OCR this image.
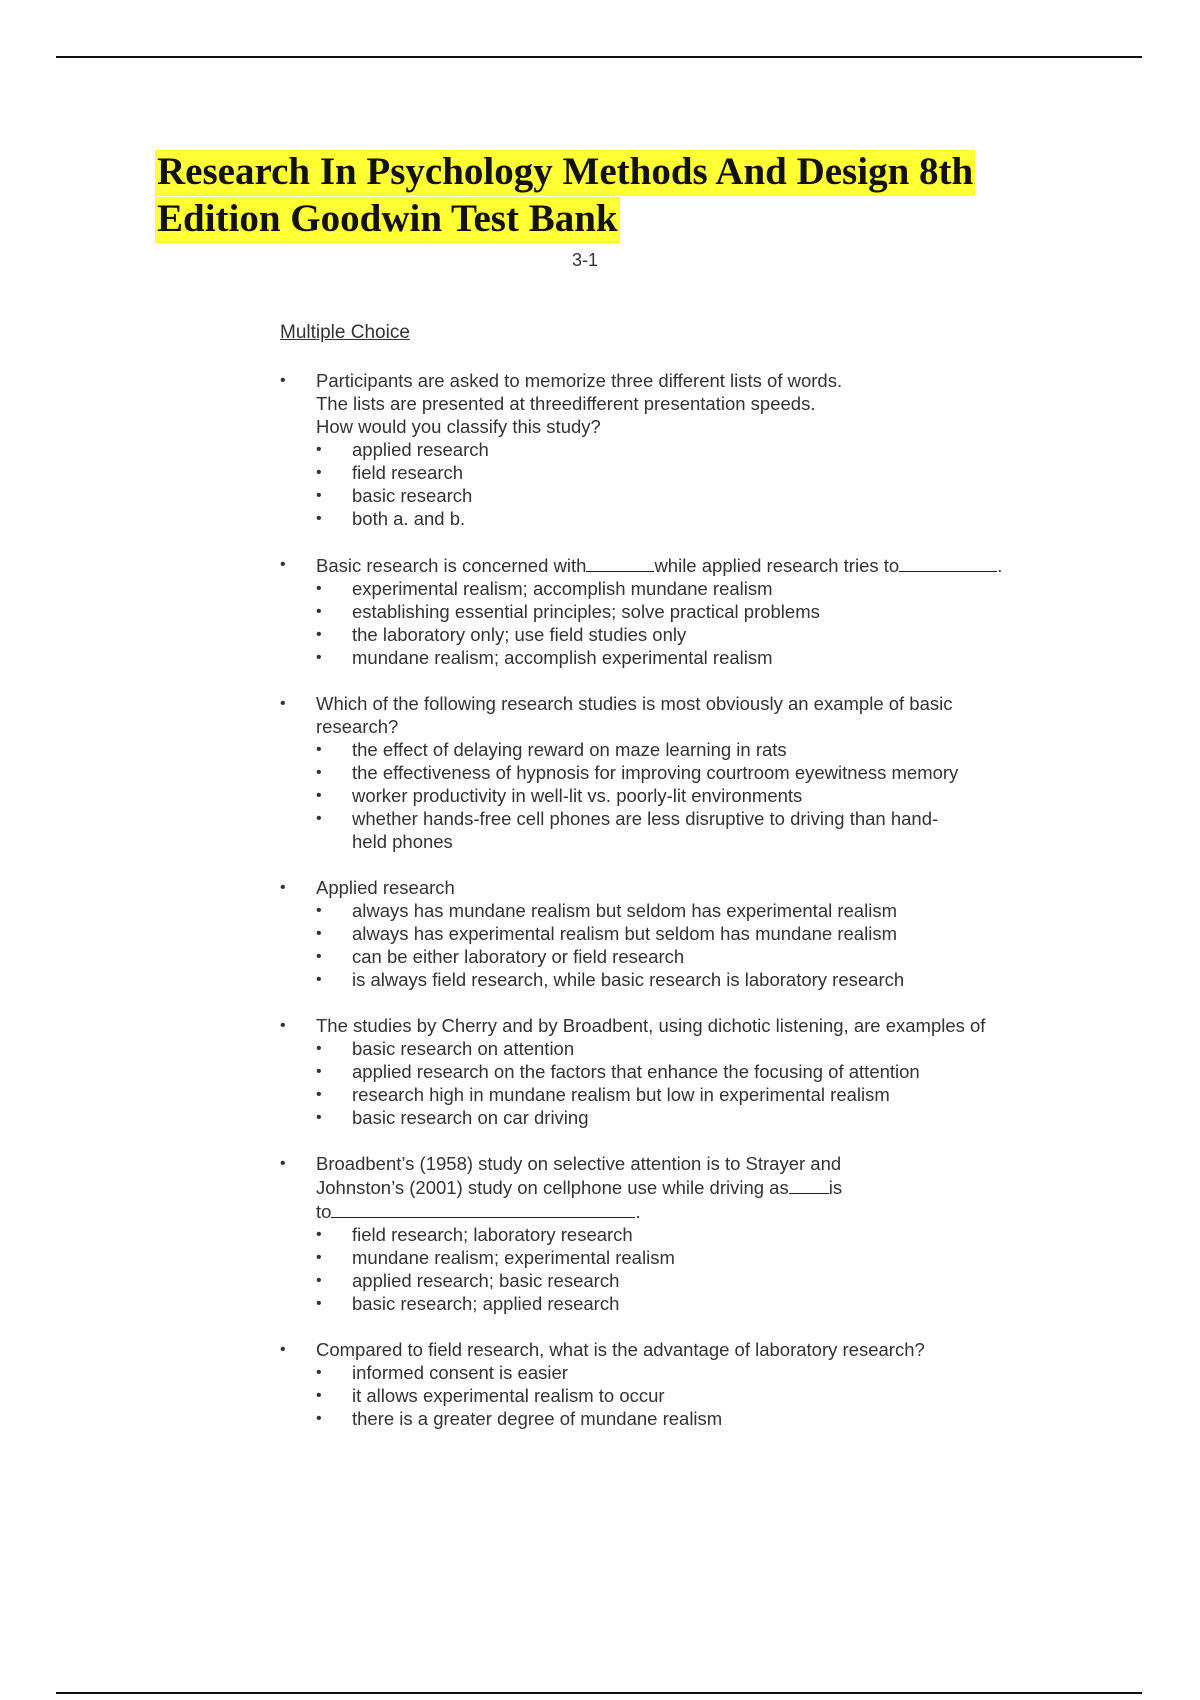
Research In Psychology Methods And Design 8th
Edition Goodwin Test Bank
3-1
Multiple Choice
• Participants are asked to memorize three different lists of words.
The lists are presented at threedifferent presentation speeds.
How would you classify this study?
• applied research
• field research
• basic research
• both a. and b.
• Basic research is concerned with	while applied research tries to	.
• experimental realism; accomplish mundane realism
• establishing essential principles; solve practical problems
• the laboratory only; use field studies only
• mundane realism; accomplish experimental realism
• Which of the following research studies is most obviously an example of basic
research?
• the effect of delaying reward on maze learning in rats
• the effectiveness of hypnosis for improving courtroom eyewitness memory
• worker productivity in well-lit vs. poorly-lit environments
• whether hands-free cell phones are less disruptive to driving than hand-held phones
• Applied research
• always has mundane realism but seldom has experimental realism
• always has experimental realism but seldom has mundane realism
• can be either laboratory or field research
• is always field research, while basic research is laboratory research
• The studies by Cherry and by Broadbent, using dichotic listening, are examples of
• basic research on attention
• applied research on the factors that enhance the focusing of attention
• research high in mundane realism but low in experimental realism
• basic research on car driving
• Broadbent’s (1958) study on selective attention is to Strayer and
Johnston’s (2001) study on cellphone use while driving as is
to	.
• field research; laboratory research
• mundane realism; experimental realism
• applied research; basic research
• basic research; applied research
• Compared to field research, what is the advantage of laboratory research?
• informed consent is easier
• it allows experimental realism to occur
• there is a greater degree of mundane realism
